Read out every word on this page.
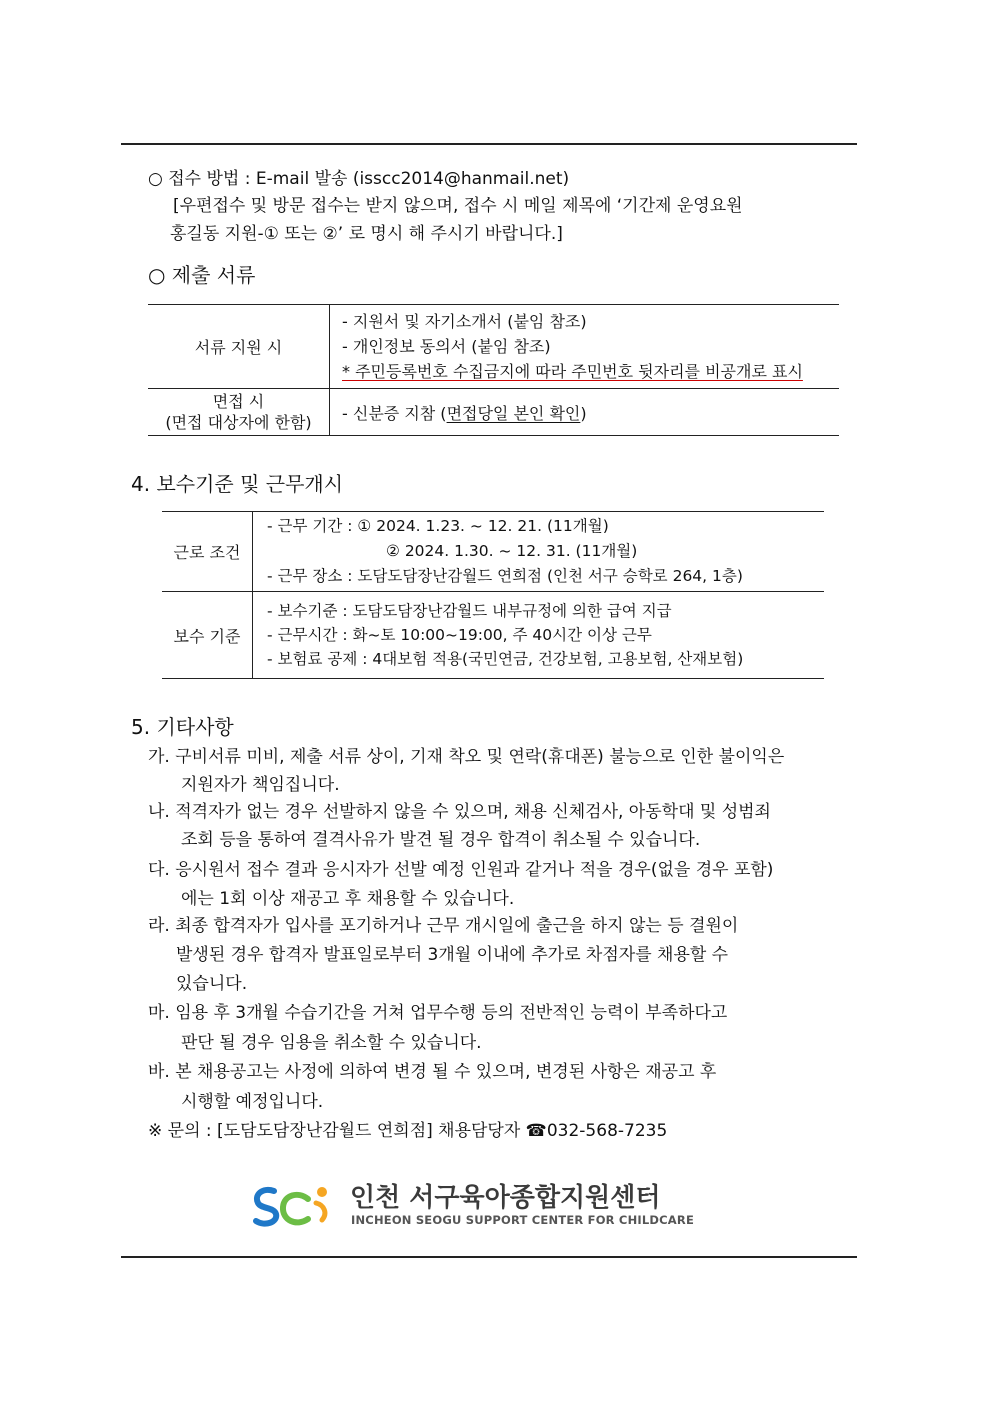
○ 접수 방법 : E-mail 발송 (isscc2014@hanmail.net)
[우편접수 및 방문 접수는 받지 않으며, 접수 시 메일 제목에 ‘기간제 운영요원
홍길동 지원-① 또는 ②’ 로 명시 해 주시기 바랍니다.]
○ 제출 서류
서류 지원 시	- 지원서 및 자기소개서 (붙임 참조)
- 개인정보 동의서 (붙임 참조)
* 주민등록번호 수집금지에 따라 주민번호 뒷자리를 비공개로 표시

면접 시
(면접 대상자에 한함)	- 신분증 지참 (면접당일 본인 확인)
4. 보수기준 및 근무개시
근로 조건	- 근무 기간 : ① 2024. 1.23. ~ 12. 21. (11개월)
② 2024. 1.30. ~ 12. 31. (11개월)
- 근무 장소 : 도담도담장난감월드 연희점 (인천 서구 승학로 264, 1층)

보수 기준	- 보수기준 : 도담도담장난감월드 내부규정에 의한 급여 지급
- 근무시간 : 화~토 10:00~19:00, 주 40시간 이상 근무
- 보험료 공제 : 4대보험 적용(국민연금, 건강보험, 고용보험, 산재보험)
5. 기타사항
가. 구비서류 미비, 제출 서류 상이, 기재 착오 및 연락(휴대폰) 불능으로 인한 불이익은
지원자가 책임집니다.
나. 적격자가 없는 경우 선발하지 않을 수 있으며, 채용 신체검사, 아동학대 및 성범죄
조회 등을 통하여 결격사유가 발견 될 경우 합격이 취소될 수 있습니다.
다. 응시원서 접수 결과 응시자가 선발 예정 인원과 같거나 적을 경우(없을 경우 포함)
에는 1회 이상 재공고 후 채용할 수 있습니다.
라. 최종 합격자가 입사를 포기하거나 근무 개시일에 출근을 하지 않는 등 결원이
발생된 경우 합격자 발표일로부터 3개월 이내에 추가로 차점자를 채용할 수
있습니다.
마. 임용 후 3개월 수습기간을 거쳐 업무수행 등의 전반적인 능력이 부족하다고
판단 될 경우 임용을 취소할 수 있습니다.
바. 본 채용공고는 사정에 의하여 변경 될 수 있으며, 변경된 사항은 재공고 후
시행할 예정입니다.
※ 문의 : [도담도담장난감월드 연희점] 채용담당자 ☎032-568-7235
인천 서구육아종합지원센터
INCHEON SEOGU SUPPORT CENTER FOR CHILDCARE
